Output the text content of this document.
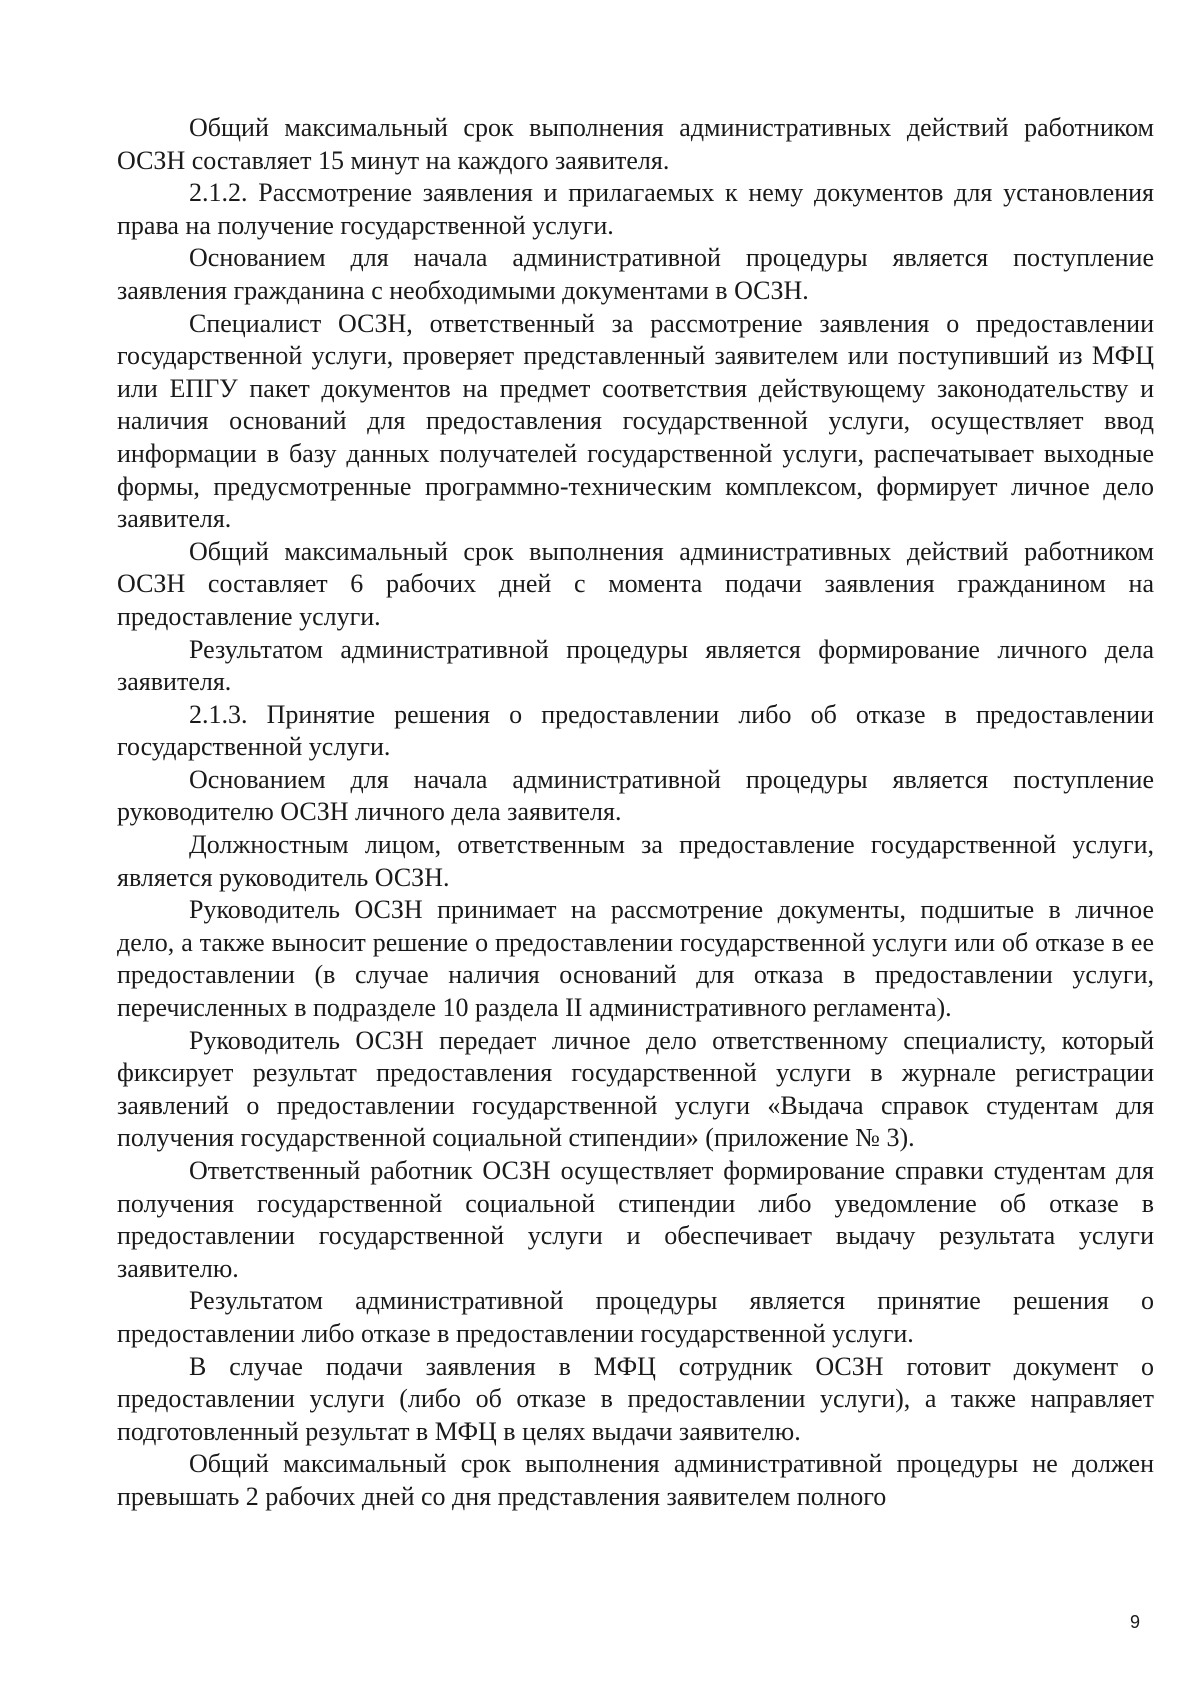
Общий максимальный срок выполнения административных действий работником ОСЗН составляет 15 минут на каждого заявителя.

2.1.2. Рассмотрение заявления и прилагаемых к нему документов для установления права на получение государственной услуги.

Основанием для начала административной процедуры является поступление заявления гражданина с необходимыми документами в ОСЗН.

Специалист ОСЗН, ответственный за рассмотрение заявления о предоставлении государственной услуги, проверяет представленный заявителем или поступивший из МФЦ или ЕПГУ пакет документов на предмет соответствия действующему законодательству и наличия оснований для предоставления государственной услуги, осуществляет ввод информации в базу данных получателей государственной услуги, распечатывает выходные формы, предусмотренные программно-техническим комплексом, формирует личное дело заявителя.

Общий максимальный срок выполнения административных действий работником ОСЗН составляет 6 рабочих дней с момента подачи заявления гражданином на предоставление услуги.

Результатом административной процедуры является формирование личного дела заявителя.

2.1.3. Принятие решения о предоставлении либо об отказе в предоставлении государственной услуги.

Основанием для начала административной процедуры является поступление руководителю ОСЗН личного дела заявителя.

Должностным лицом, ответственным за предоставление государственной услуги, является руководитель ОСЗН.

Руководитель ОСЗН принимает на рассмотрение документы, подшитые в личное дело, а также выносит решение о предоставлении государственной услуги или об отказе в ее предоставлении (в случае наличия оснований для отказа в предоставлении услуги, перечисленных в подразделе 10 раздела II административного регламента).

Руководитель ОСЗН передает личное дело ответственному специалисту, который фиксирует результат предоставления государственной услуги в журнале регистрации заявлений о предоставлении государственной услуги «Выдача справок студентам для получения государственной социальной стипендии» (приложение № 3).

Ответственный работник ОСЗН осуществляет формирование справки студентам для получения государственной социальной стипендии либо уведомление об отказе в предоставлении государственной услуги и обеспечивает выдачу результата услуги заявителю.

Результатом административной процедуры является принятие решения о предоставлении либо отказе в предоставлении государственной услуги.

В случае подачи заявления в МФЦ сотрудник ОСЗН готовит документ о предоставлении услуги (либо об отказе в предоставлении услуги), а также направляет подготовленный результат в МФЦ в целях выдачи заявителю.

Общий максимальный срок выполнения административной процедуры не должен превышать 2 рабочих дней со дня представления заявителем полного

9
